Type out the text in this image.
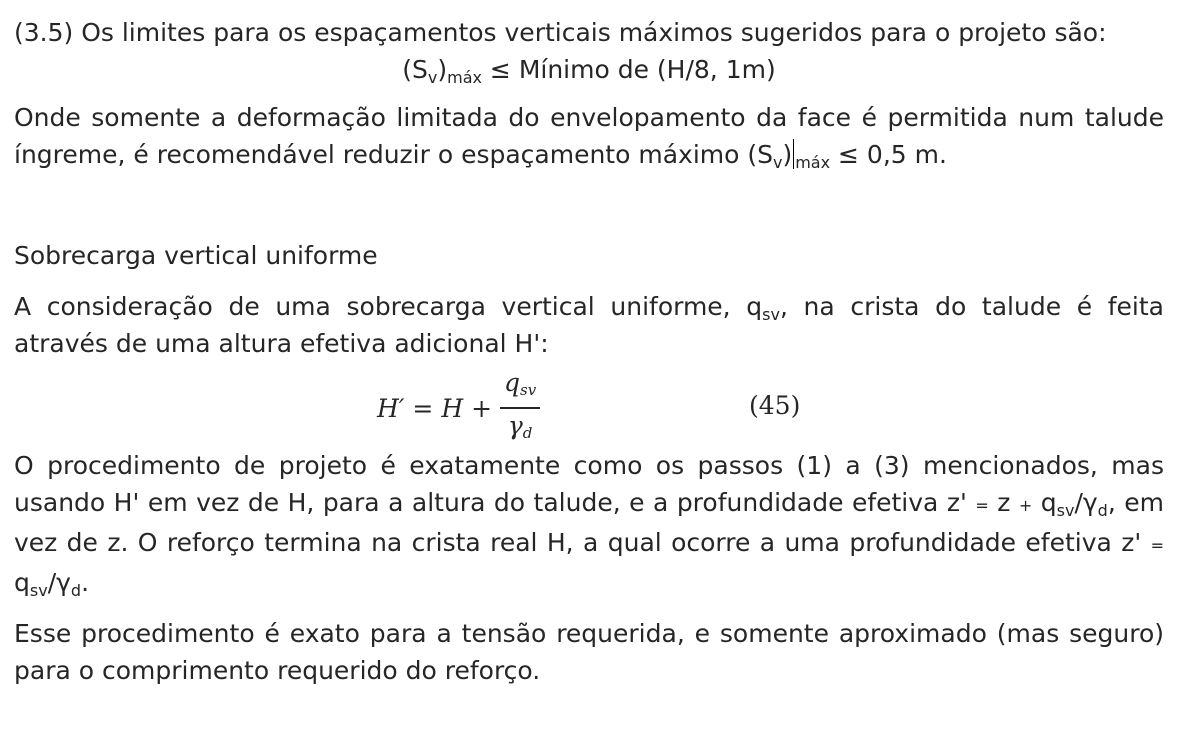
(3.5) Os limites para os espaçamentos verticais máximos sugeridos para o projeto são:

$(S_v)_{máx}$ ≤ Mínimo de (H/8, 1m)

Onde somente a deformação limitada do envelopamento da face é permitida num talude íngreme, é recomendável reduzir o espaçamento máximo $(S_v) _{máx} \le 0,5$ m.

Sobrecarga vertical uniforme

A consideração de uma sobrecarga vertical uniforme, $q_{sv}$, na crista do talude é feita através de uma altura efetiva adicional H':

$H' = H + \frac{\text{qsv}}{\gamma d}$	(45)

O procedimento de projeto é exatamente como os passos (1) a (3) mencionados, mas usando H' em vez de H, para a altura do talude, e a profundidade efetiva $z' = z + q_{sv}/\gamma_d$, em vez de z. O reforço termina na crista real H, a qual ocorre a uma profundidade efetiva $z' = q_{sv}/\gamma_d$.

Esse procedimento é exato para a tensão requerida, e somente aproximado (mas seguro) para o comprimento requerido do reforço.
